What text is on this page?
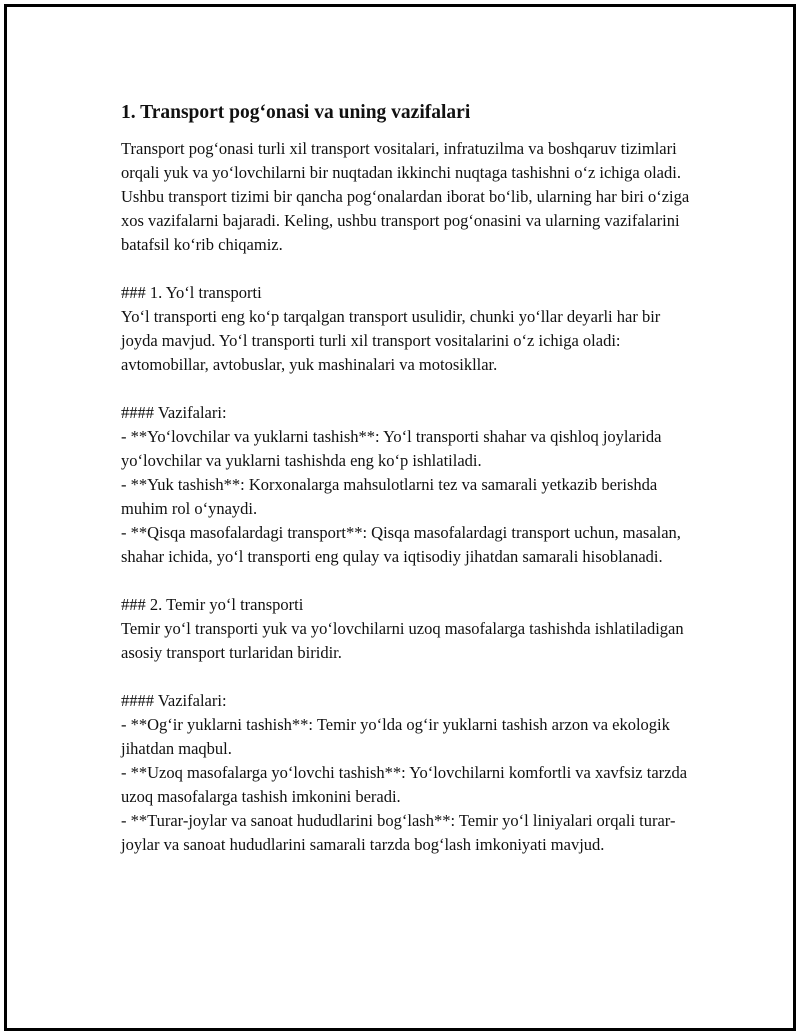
1. Transport pog‘onasi va uning vazifalari

Transport pog‘onasi turli xil transport vositalari, infratuzilma va boshqaruv tizimlari orqali yuk va yo‘lovchilarni bir nuqtadan ikkinchi nuqtaga tashishni o‘z ichiga oladi. Ushbu transport tizimi bir qancha pog‘onalardan iborat bo‘lib, ularning har biri o‘ziga xos vazifalarni bajaradi. Keling, ushbu transport pog‘onasini va ularning vazifalarini batafsil ko‘rib chiqamiz.

### 1. Yo‘l transporti
Yo‘l transporti eng ko‘p tarqalgan transport usulidir, chunki yo‘llar deyarli har bir joyda mavjud. Yo‘l transporti turli xil transport vositalarini o‘z ichiga oladi: avtomobillar, avtobuslar, yuk mashinalari va motosikllar.
#### Vazifalari:
- **Yo‘lovchilar va yuklarni tashish**: Yo‘l transporti shahar va qishloq joylarida yo‘lovchilar va yuklarni tashishda eng ko‘p ishlatiladi.
- **Yuk tashish**: Korxonalarga mahsulotlarni tez va samarali yetkazib berishda muhim rol o‘ynaydi.
- **Qisqa masofalardagi transport**: Qisqa masofalardagi transport uchun, masalan, shahar ichida, yo‘l transporti eng qulay va iqtisodiy jihatdan samarali hisoblanadi.
### 2. Temir yo‘l transporti
Temir yo‘l transporti yuk va yo‘lovchilarni uzoq masofalarga tashishda ishlatiladigan asosiy transport turlaridan biridir.
#### Vazifalari:
- **Og‘ir yuklarni tashish**: Temir yo‘lda og‘ir yuklarni tashish arzon va ekologik jihatdan maqbul.
- **Uzoq masofalarga yo‘lovchi tashish**: Yo‘lovchilarni komfortli va xavfsiz tarzda uzoq masofalarga tashish imkonini beradi.
- **Turar-joylar va sanoat hududlarini bog‘lash**: Temir yo‘l liniyalari orqali turar-joylar va sanoat hududlarini samarali tarzda bog‘lash imkoniyati mavjud.
